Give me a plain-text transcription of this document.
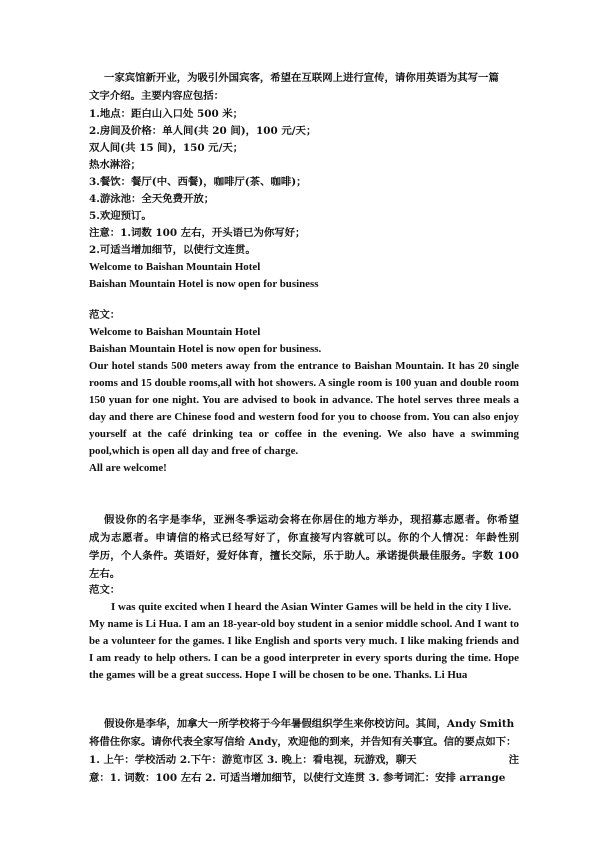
一家宾馆新开业，为吸引外国宾客，希望在互联网上进行宣传，请你用英语为其写一篇
文字介绍。主要内容应包括：
1.地点：距白山入口处 500 米；
2.房间及价格：单人间(共 20 间)，100 元/天；
双人间(共 15 间)，150 元/天；
热水淋浴；
3.餐饮：餐厅(中、西餐)，咖啡厅(茶、咖啡)；
4.游泳池：全天免费开放；
5.欢迎预订。
注意：1.词数 100 左右，开头语已为你写好；
2.可适当增加细节，以使行文连贯。
Welcome to Baishan Mountain Hotel
Baishan Mountain Hotel is now open for business
范文：
Welcome to Baishan Mountain Hotel
Baishan Mountain Hotel is now open for business.
Our hotel stands 500 meters away from the entrance to Baishan Mountain. It has 20 single
rooms and 15 double rooms,all with hot showers. A single room is 100 yuan and double room
150 yuan for one night. You are advised to book in advance. The hotel serves three meals a
day and there are Chinese food and western food for you to choose from. You can also enjoy
yourself at the café drinking tea or coffee in the evening. We also have a swimming
pool,which is open all day and free of charge.
All are welcome!
假设你的名字是李华，亚洲冬季运动会将在你居住的地方举办，现招募志愿者。你希望
成为志愿者。申请信的格式已经写好了，你直接写内容就可以。你的个人情况：年龄性别
学历，个人条件。英语好，爱好体育，擅长交际，乐于助人。承诺提供最佳服务。字数 100
左右。
范文：
I was quite excited when I heard the Asian Winter Games will be held in the city I live.
My name is Li Hua. I am an 18-year-old boy student in a senior middle school. And I want to
be a volunteer for the games. I like English and sports very much. I like making friends and
I am ready to help others. I can be a good interpreter in every sports during the time. Hope
the games will be a great success. Hope I will be chosen to be one. Thanks. Li Hua
假设你是李华，加拿大一所学校将于今年暑假组织学生来你校访问。其间，Andy Smith
将借住你家。请你代表全家写信给 Andy，欢迎他的到来，并告知有关事宜。信的要点如下：
1. 上午：学校活动 2.下午：游览市区 3. 晚上：看电视，玩游戏，聊天	注
意：1. 词数：100 左右 2. 可适当增加细节，以使行文连贯 3. 参考词汇：安排 arrange
